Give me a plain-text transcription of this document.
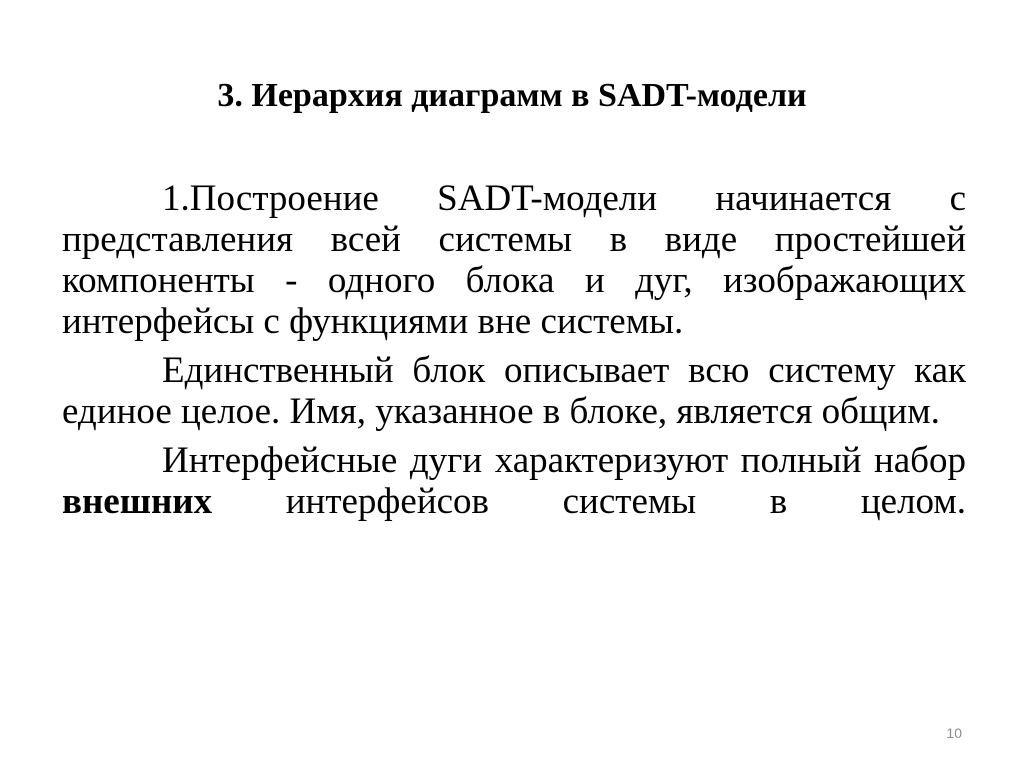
3. Иерархия диаграмм в SADT-модели

1.Построение SADT-модели начинается с представления всей системы в виде простейшей компоненты - одного блока и дуг, изображающих интерфейсы с функциями вне системы.

Единственный блок описывает всю систему как единое целое. Имя, указанное в блоке, является общим.

Интерфейсные дуги характеризуют полный набор внешних интерфейсов системы в целом.

10
